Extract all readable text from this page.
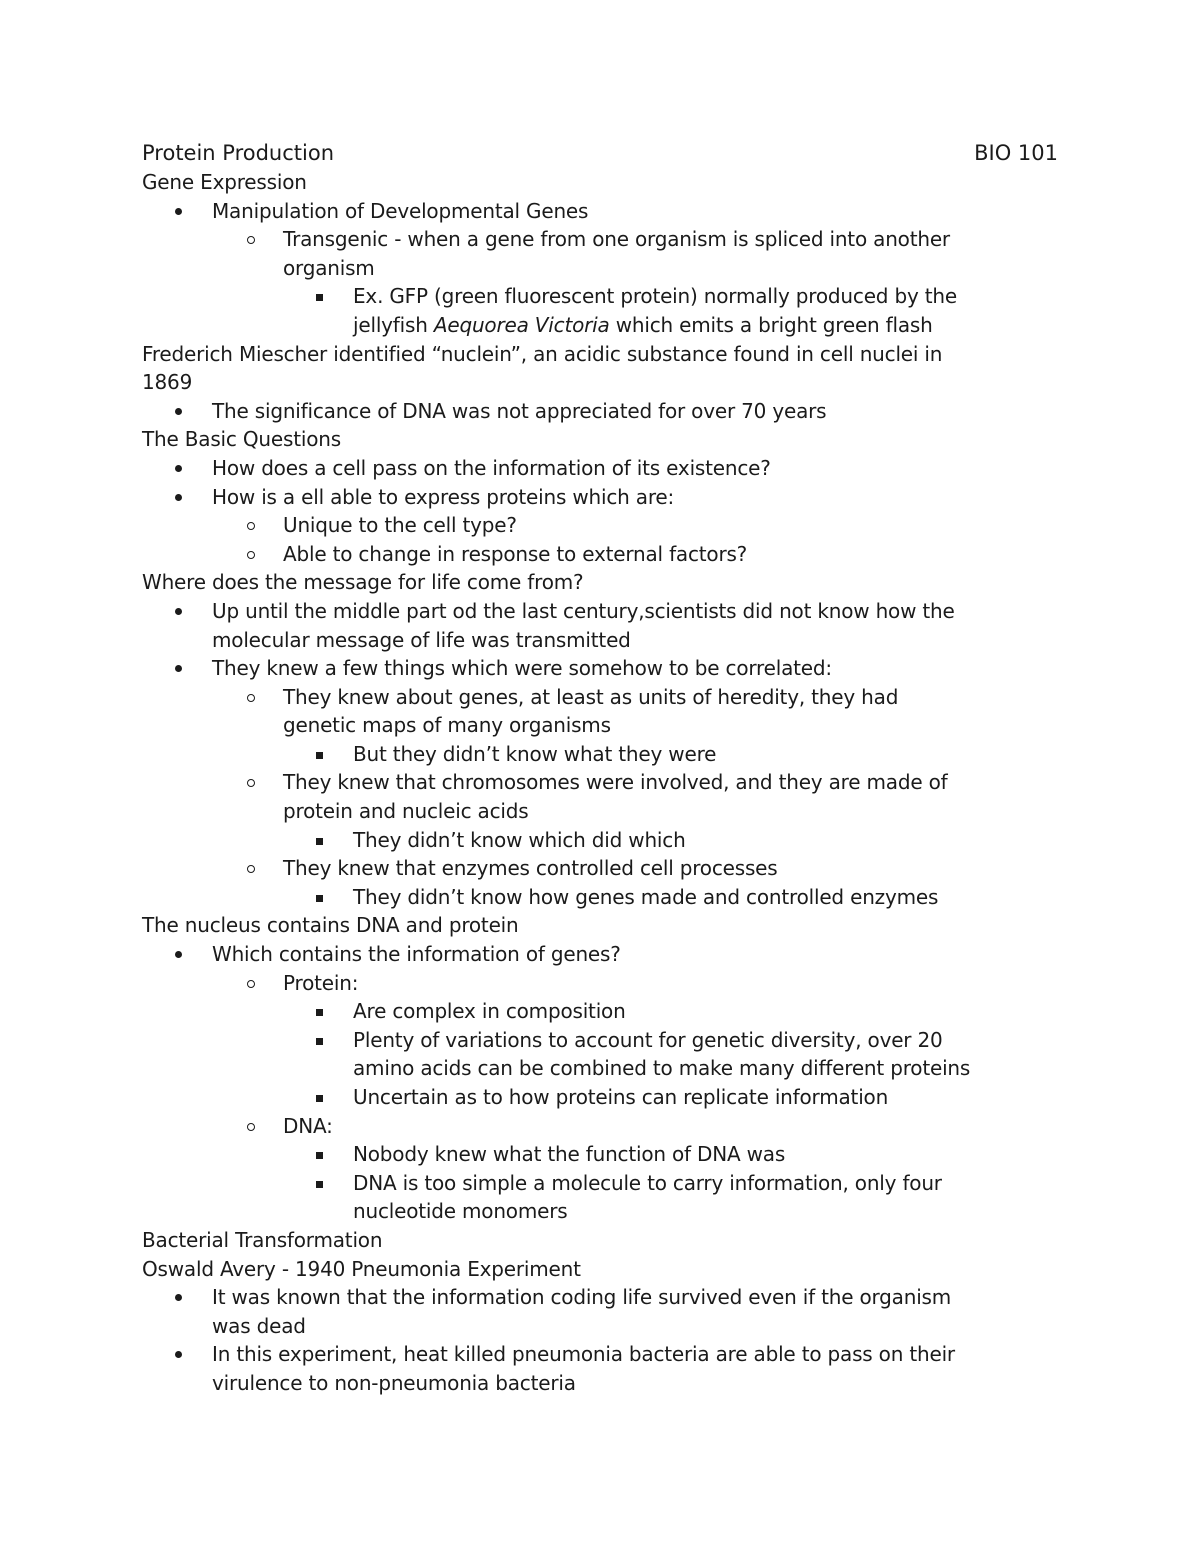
Protein Production	BIO 101
Gene Expression
Manipulation of Developmental Genes
Transgenic - when a gene from one organism is spliced into another
organism
Ex. GFP (green fluorescent protein) normally produced by the
jellyfish Aequorea Victoria which emits a bright green flash
Frederich Miescher identified “nuclein”, an acidic substance found in cell nuclei in
1869
The significance of DNA was not appreciated for over 70 years
The Basic Questions
How does a cell pass on the information of its existence?
How is a ell able to express proteins which are:
Unique to the cell type?
Able to change in response to external factors?
Where does the message for life come from?
Up until the middle part od the last century,scientists did not know how the
molecular message of life was transmitted
They knew a few things which were somehow to be correlated:
They knew about genes, at least as units of heredity, they had
genetic maps of many organisms
But they didn’t know what they were
They knew that chromosomes were involved, and they are made of
protein and nucleic acids
They didn’t know which did which
They knew that enzymes controlled cell processes
They didn’t know how genes made and controlled enzymes
The nucleus contains DNA and protein
Which contains the information of genes?
Protein:
Are complex in composition
Plenty of variations to account for genetic diversity, over 20
amino acids can be combined to make many different proteins
Uncertain as to how proteins can replicate information
DNA:
Nobody knew what the function of DNA was
DNA is too simple a molecule to carry information, only four
nucleotide monomers
Bacterial Transformation
Oswald Avery - 1940 Pneumonia Experiment
It was known that the information coding life survived even if the organism
was dead
In this experiment, heat killed pneumonia bacteria are able to pass on their
virulence to non-pneumonia bacteria
